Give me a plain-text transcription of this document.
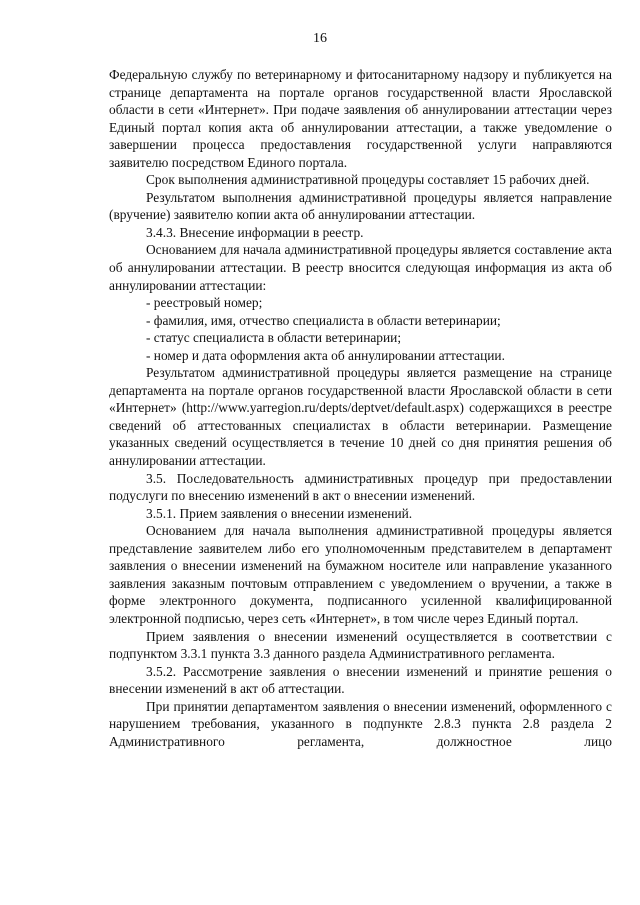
16

Федеральную службу по ветеринарному и фитосанитарному надзору и публикуется на странице департамента на портале органов государственной власти Ярославской области в сети «Интернет». При подаче заявления об аннулировании аттестации через Единый портал копия акта об аннулировании аттестации, а также уведомление о завершении процесса предоставления государственной услуги направляются заявителю посредством Единого портала.

Срок выполнения административной процедуры составляет 15 рабочих дней.

Результатом выполнения административной процедуры является направление (вручение) заявителю копии акта об аннулировании аттестации.

3.4.3. Внесение информации в реестр.

Основанием для начала административной процедуры является составление акта об аннулировании аттестации. В реестр вносится следующая информация из акта об аннулировании аттестации:

- реестровый номер;

- фамилия, имя, отчество специалиста в области ветеринарии;

- статус специалиста в области ветеринарии;

- номер и дата оформления акта об аннулировании аттестации.

Результатом административной процедуры является размещение на странице департамента на портале органов государственной власти Ярославской области в сети «Интернет» (http://www.yarregion.ru/depts/deptvet/default.aspx) содержащихся в реестре сведений об аттестованных специалистах в области ветеринарии. Размещение указанных сведений осуществляется в течение 10 дней со дня принятия решения об аннулировании аттестации.

3.5. Последовательность административных процедур при предоставлении подуслуги по внесению изменений в акт о внесении изменений.

3.5.1. Прием заявления о внесении изменений.

Основанием для начала выполнения административной процедуры является представление заявителем либо его уполномоченным представителем в департамент заявления о внесении изменений на бумажном носителе или направление указанного заявления заказным почтовым отправлением с уведомлением о вручении, а также в форме электронного документа, подписанного усиленной квалифицированной электронной подписью, через сеть «Интернет», в том числе через Единый портал.

Прием заявления о внесении изменений осуществляется в соответствии с подпунктом 3.3.1 пункта 3.3 данного раздела Административного регламента.

3.5.2. Рассмотрение заявления о внесении изменений и принятие решения о внесении изменений в акт об аттестации.

При принятии департаментом заявления о внесении изменений, оформленного с нарушением требования, указанного в подпункте 2.8.3 пункта 2.8 раздела 2 Административного регламента, должностное лицо
